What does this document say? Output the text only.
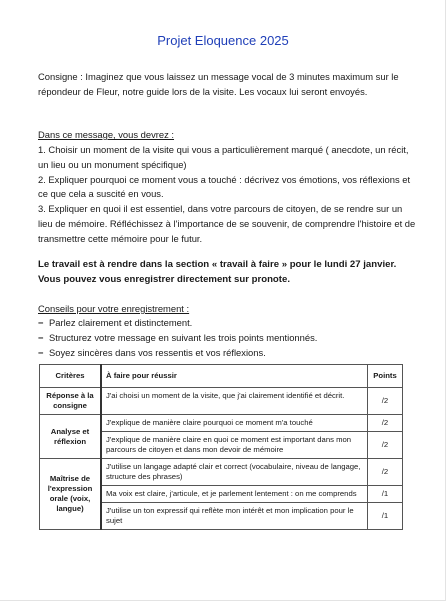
Projet Eloquence 2025
Consigne : Imaginez que vous laissez un message vocal de 3 minutes maximum sur le répondeur de Fleur, notre guide lors de la visite. Les vocaux lui seront envoyés.
Dans ce message, vous devrez :
1. Choisir un moment de la visite qui vous a particulièrement marqué ( anecdote, un récit, un lieu ou un monument spécifique)
2. Expliquer pourquoi ce moment vous a touché : décrivez vos émotions, vos réflexions et ce que cela a suscité en vous.
3. Expliquer en quoi il est essentiel, dans votre parcours de citoyen, de se rendre sur un lieu de mémoire. Réfléchissez à l'importance de se souvenir, de comprendre l'histoire et de transmettre cette mémoire pour le futur.
Le travail est à rendre dans la section « travail à faire » pour le lundi 27 janvier. Vous pouvez vous enregistrer directement sur pronote.
Conseils pour votre enregistrement :
− Parlez clairement et distinctement.
− Structurez votre message en suivant les trois points mentionnés.
− Soyez sincères dans vos ressentis et vos réflexions.
Critères	À faire pour réussir	Points
Réponse à la consigne	J'ai choisi un moment de la visite, que j'ai clairement identifié et décrit.	/2
Analyse et réflexion	J'explique de manière claire pourquoi ce moment m'a touché	/2
	J'explique de manière claire en quoi ce moment est important dans mon parcours de citoyen et dans mon devoir de mémoire	/2
Maîtrise de l'expression orale (voix, langue)	J'utilise un langage adapté clair et correct (vocabulaire, niveau de langage, structure des phrases)	/2
	Ma voix est claire, j'articule, et je parlement lentement : on me comprends	/1
	J'utilise un ton expressif qui reflète mon intérêt et mon implication pour le sujet	/1
